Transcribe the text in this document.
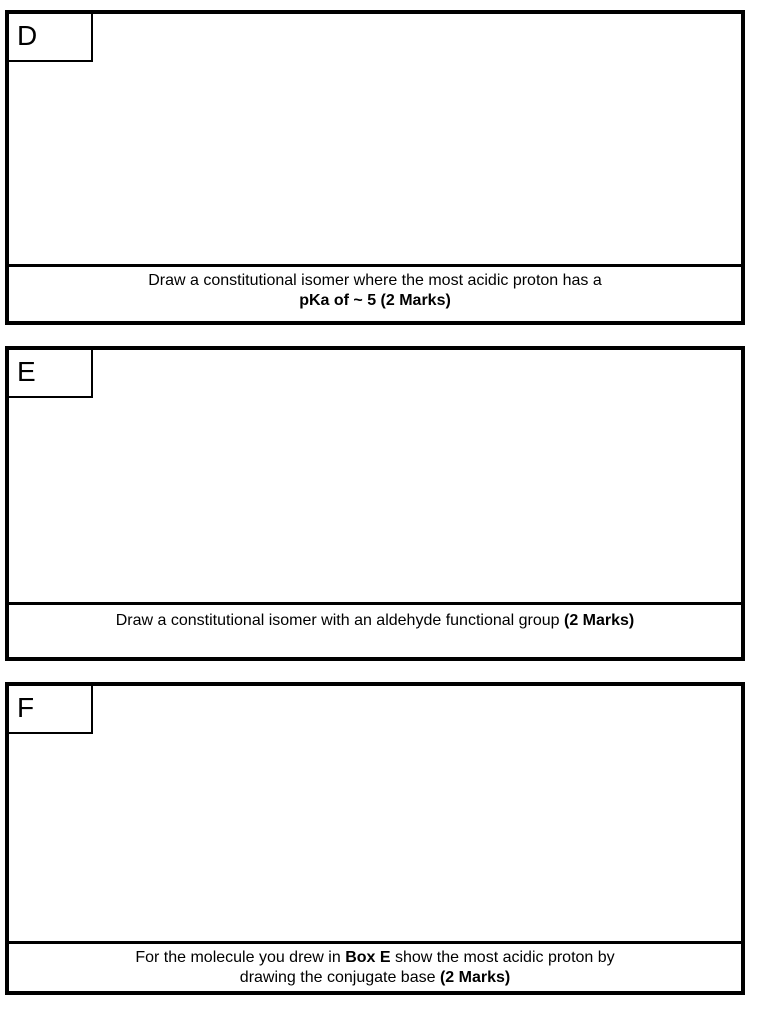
D
Draw a constitutional isomer where the most acidic proton has a
pKa of ~ 5 (2 Marks)
E
Draw a constitutional isomer with an aldehyde functional group (2 Marks)
F
For the molecule you drew in Box E show the most acidic proton by
drawing the conjugate base (2 Marks)
